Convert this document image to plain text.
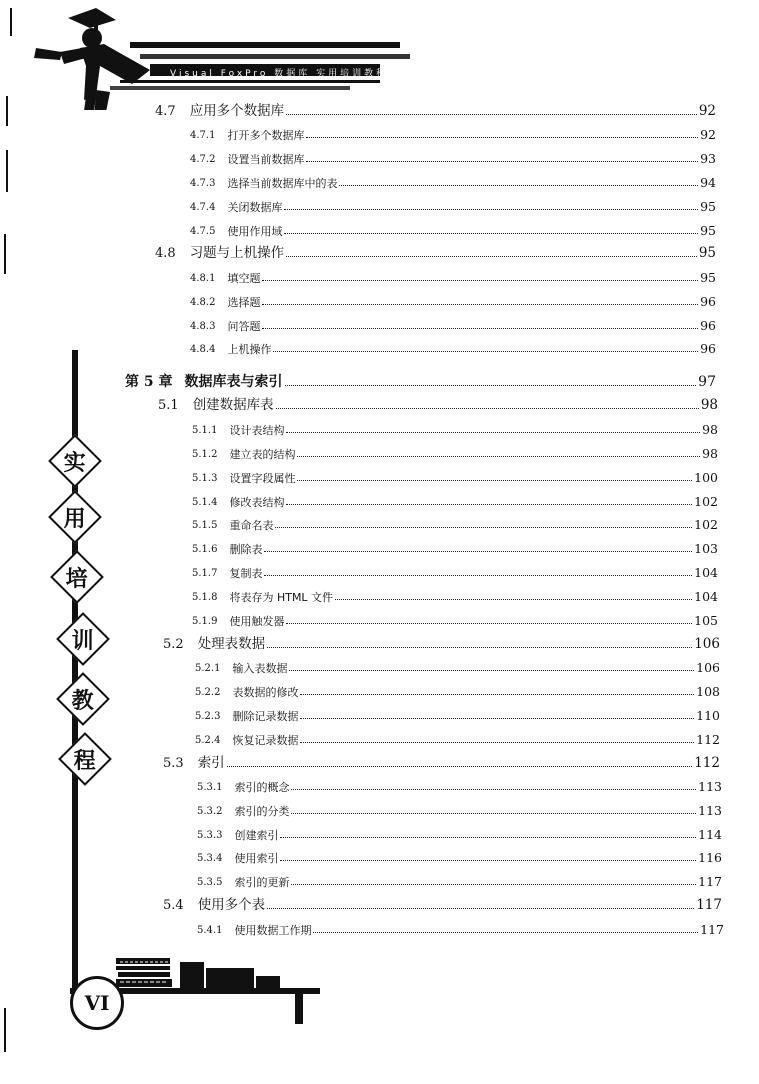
Visual FoxPro 数据库 实用培训教程
实
用
培
训
教
程
VI
4.7 应用多个数据库	92
4.7.1 打开多个数据库	92
4.7.2 设置当前数据库	93
4.7.3 选择当前数据库中的表	94
4.7.4 关闭数据库	95
4.7.5 使用作用域	95
4.8 习题与上机操作	95
4.8.1 填空题	95
4.8.2 选择题	96
4.8.3 问答题	96
4.8.4 上机操作	96
第 5 章 数据库表与索引	97
5.1 创建数据库表	98
5.1.1 设计表结构	98
5.1.2 建立表的结构	98
5.1.3 设置字段属性	100
5.1.4 修改表结构	102
5.1.5 重命名表	102
5.1.6 删除表	103
5.1.7 复制表	104
5.1.8 将表存为 HTML 文件	104
5.1.9 使用触发器	105
5.2 处理表数据	106
5.2.1 输入表数据	106
5.2.2 表数据的修改	108
5.2.3 删除记录数据	110
5.2.4 恢复记录数据	112
5.3 索引	112
5.3.1 索引的概念	113
5.3.2 索引的分类	113
5.3.3 创建索引	114
5.3.4 使用索引	116
5.3.5 索引的更新	117
5.4 使用多个表	117
5.4.1 使用数据工作期	117
